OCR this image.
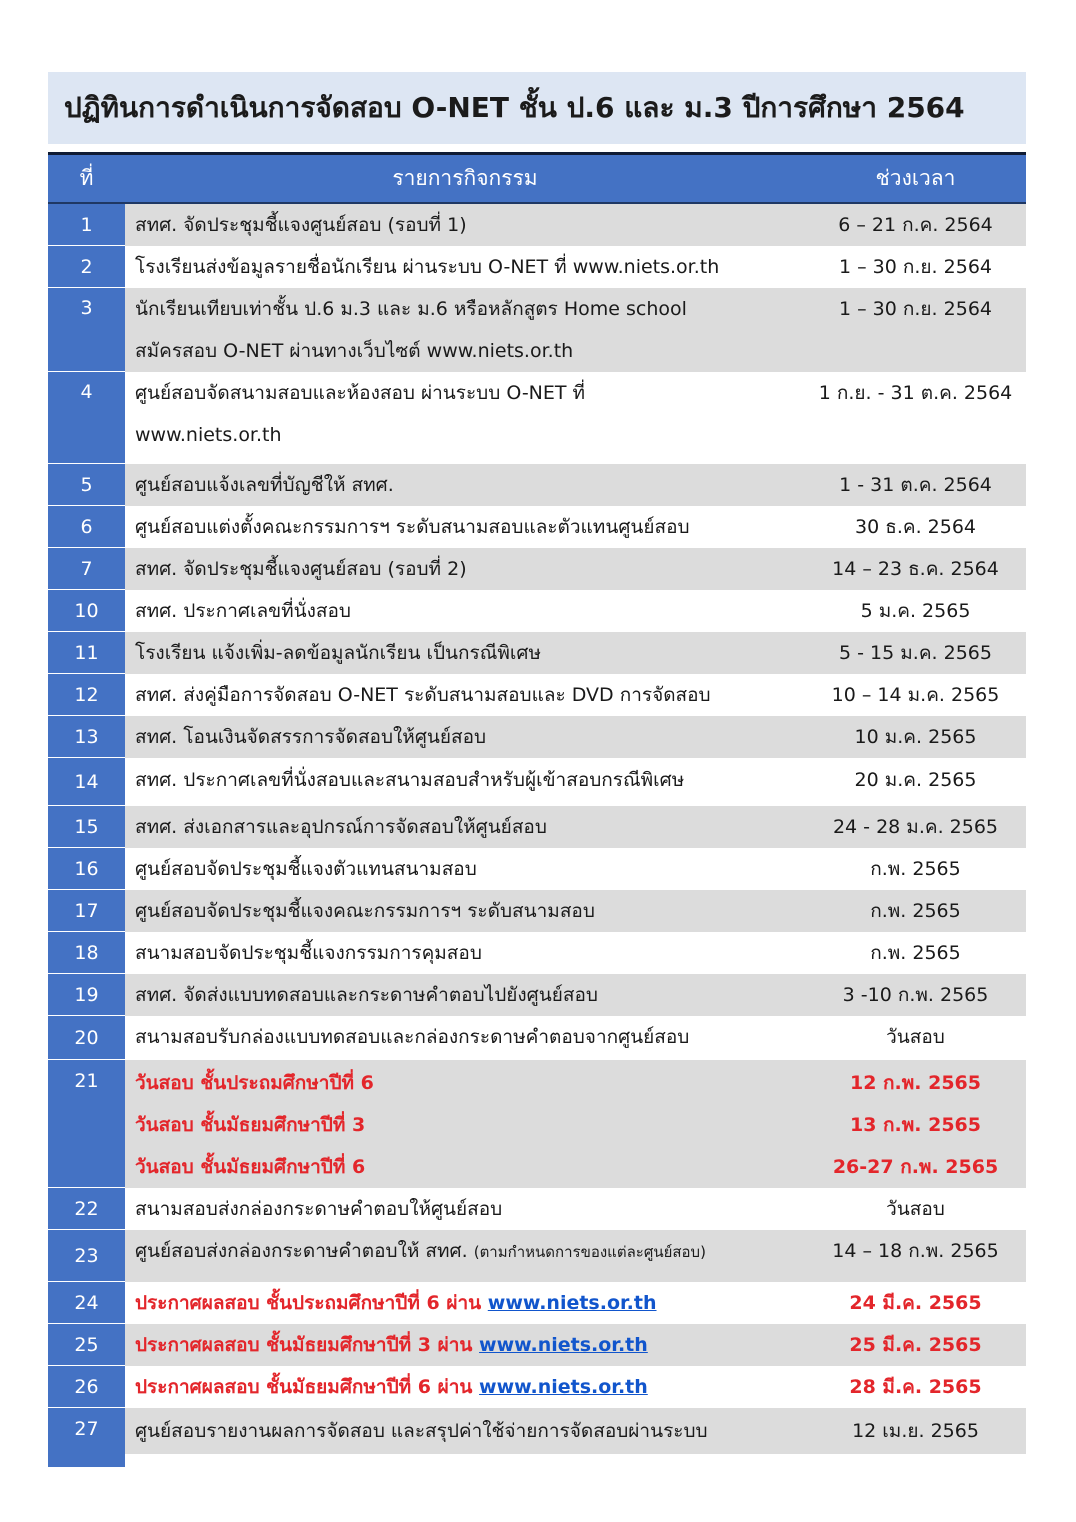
ปฏิทินการดำเนินการจัดสอบ O-NET ชั้น ป.6 และ ม.3 ปีการศึกษา 2564
ที่	รายการกิจกรรม	ช่วงเวลา
1	สทศ. จัดประชุมชี้แจงศูนย์สอบ (รอบที่ 1)	6 – 21 ก.ค. 2564
2	โรงเรียนส่งข้อมูลรายชื่อนักเรียน ผ่านระบบ O-NET ที่ www.niets.or.th	1 – 30 ก.ย. 2564
3	นักเรียนเทียบเท่าชั้น ป.6 ม.3 และ ม.6 หรือหลักสูตร Home school	1 – 30 ก.ย. 2564
สมัครสอบ O-NET ผ่านทางเว็บไซต์ www.niets.or.th
4	ศูนย์สอบจัดสนามสอบและห้องสอบ ผ่านระบบ O-NET ที่	1 ก.ย. - 31 ต.ค. 2564
www.niets.or.th
5	ศูนย์สอบแจ้งเลขที่บัญชีให้ สทศ.	1 - 31 ต.ค. 2564
6	ศูนย์สอบแต่งตั้งคณะกรรมการฯ ระดับสนามสอบและตัวแทนศูนย์สอบ	30 ธ.ค. 2564
7	สทศ. จัดประชุมชี้แจงศูนย์สอบ (รอบที่ 2)	14 – 23 ธ.ค. 2564
10	สทศ. ประกาศเลขที่นั่งสอบ	5 ม.ค. 2565
11	โรงเรียน แจ้งเพิ่ม-ลดข้อมูลนักเรียน เป็นกรณีพิเศษ	5 - 15 ม.ค. 2565
12	สทศ. ส่งคู่มือการจัดสอบ O-NET ระดับสนามสอบและ DVD การจัดสอบ	10 – 14 ม.ค. 2565
13	สทศ. โอนเงินจัดสรรการจัดสอบให้ศูนย์สอบ	10 ม.ค. 2565
14	สทศ. ประกาศเลขที่นั่งสอบและสนามสอบสำหรับผู้เข้าสอบกรณีพิเศษ	20 ม.ค. 2565
15	สทศ. ส่งเอกสารและอุปกรณ์การจัดสอบให้ศูนย์สอบ	24 - 28 ม.ค. 2565
16	ศูนย์สอบจัดประชุมชี้แจงตัวแทนสนามสอบ	ก.พ. 2565
17	ศูนย์สอบจัดประชุมชี้แจงคณะกรรมการฯ ระดับสนามสอบ	ก.พ. 2565
18	สนามสอบจัดประชุมชี้แจงกรรมการคุมสอบ	ก.พ. 2565
19	สทศ. จัดส่งแบบทดสอบและกระดาษคำตอบไปยังศูนย์สอบ	3 -10 ก.พ. 2565
20	สนามสอบรับกล่องแบบทดสอบและกล่องกระดาษคำตอบจากศูนย์สอบ	วันสอบ
21	วันสอบ ชั้นประถมศึกษาปีที่ 6	12 ก.พ. 2565
วันสอบ ชั้นมัธยมศึกษาปีที่ 3	13 ก.พ. 2565
วันสอบ ชั้นมัธยมศึกษาปีที่ 6	26-27 ก.พ. 2565
22	สนามสอบส่งกล่องกระดาษคำตอบให้ศูนย์สอบ	วันสอบ
23	ศูนย์สอบส่งกล่องกระดาษคำตอบให้ สทศ. (ตามกำหนดการของแต่ละศูนย์สอบ)	14 – 18 ก.พ. 2565
24	ประกาศผลสอบ ชั้นประถมศึกษาปีที่ 6 ผ่าน www.niets.or.th	24 มี.ค. 2565
25	ประกาศผลสอบ ชั้นมัธยมศึกษาปีที่ 3 ผ่าน www.niets.or.th	25 มี.ค. 2565
26	ประกาศผลสอบ ชั้นมัธยมศึกษาปีที่ 6 ผ่าน www.niets.or.th	28 มี.ค. 2565
27	ศูนย์สอบรายงานผลการจัดสอบ และสรุปค่าใช้จ่ายการจัดสอบผ่านระบบ	12 เม.ย. 2565
